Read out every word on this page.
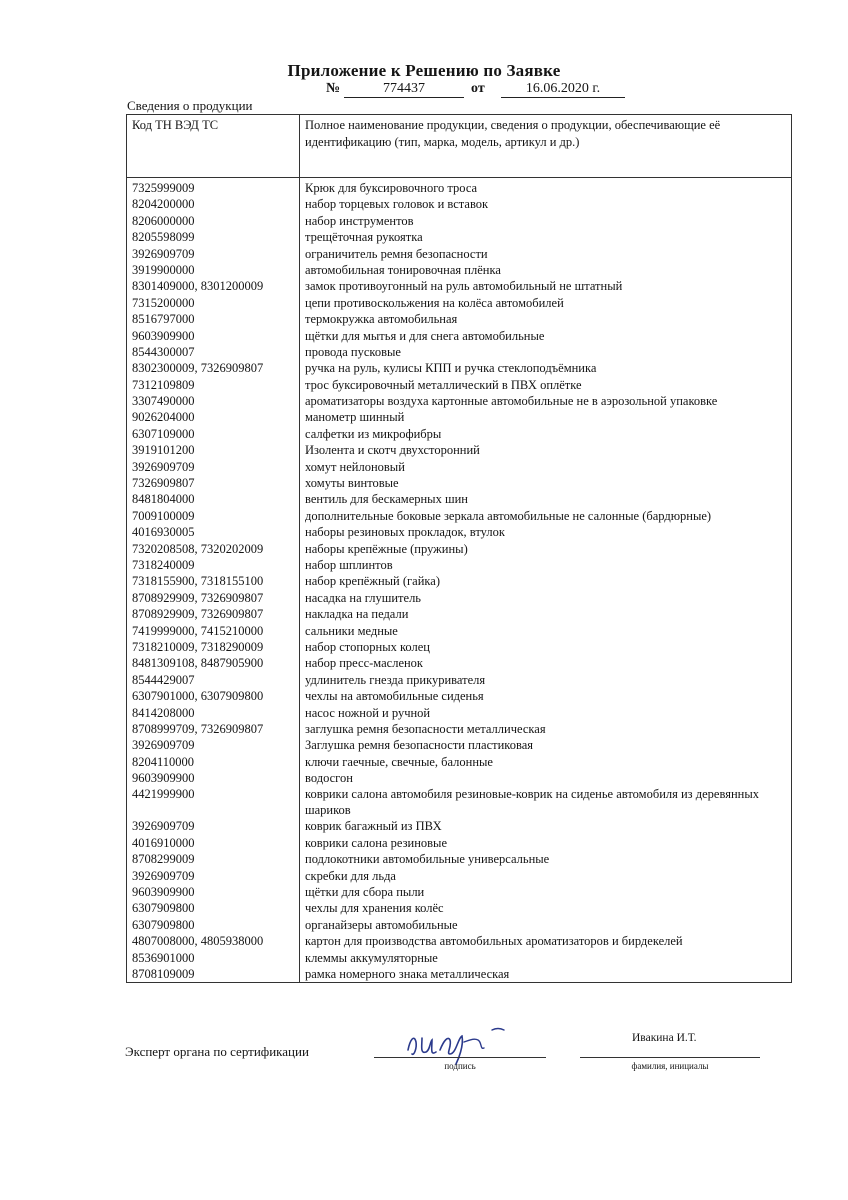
Приложение к Решению по Заявке
№	774437	от	16.06.2020 г.
Сведения о продукции
Код ТН ВЭД ТС	Полное наименование продукции, сведения о продукции, обеспечивающие её идентификацию (тип, марка, модель, артикул и др.)
7325999009	Крюк для буксировочного троса
8204200000	набор торцевых головок и вставок
8206000000	набор инструментов
8205598099	трещёточная рукоятка
3926909709	ограничитель ремня безопасности
3919900000	автомобильная тонировочная плёнка
8301409000, 8301200009	замок противоугонный на руль автомобильный не штатный
7315200000	цепи противоскольжения на колёса автомобилей
8516797000	термокружка автомобильная
9603909900	щётки для мытья и для снега автомобильные
8544300007	провода пусковые
8302300009, 7326909807	ручка на руль, кулисы КПП и ручка стеклоподъёмника
7312109809	трос буксировочный металлический в ПВХ оплётке
3307490000	ароматизаторы воздуха картонные автомобильные не в аэрозольной упаковке
9026204000	манометр шинный
6307109000	салфетки из микрофибры
3919101200	Изолента и скотч двухсторонний
3926909709	хомут нейлоновый
7326909807	хомуты винтовые
8481804000	вентиль для бескамерных шин
7009100009	дополнительные боковые зеркала автомобильные не салонные (бардюрные)
4016930005	наборы резиновых прокладок, втулок
7320208508, 7320202009	наборы крепёжные (пружины)
7318240009	набор шплинтов
7318155900, 7318155100	набор крепёжный (гайка)
8708929909, 7326909807	насадка на глушитель
8708929909, 7326909807	накладка на педали
7419999000, 7415210000	сальники медные
7318210009, 7318290009	набор стопорных колец
8481309108, 8487905900	набор пресс-масленок
8544429007	удлинитель гнезда прикуривателя
6307901000, 6307909800	чехлы на автомобильные сиденья
8414208000	насос ножной и ручной
8708999709, 7326909807	заглушка ремня безопасности металлическая
3926909709	Заглушка ремня безопасности пластиковая
8204110000	ключи гаечные, свечные, балонные
9603909900	водосгон
4421999900	коврики салона автомобиля резиновые-коврик на сиденье автомобиля из деревянных шариков
3926909709	коврик багажный из ПВХ
4016910000	коврики салона резиновые
8708299009	подлокотники автомобильные универсальные
3926909709	скребки для льда
9603909900	щётки для сбора пыли
6307909800	чехлы для хранения колёс
6307909800	органайзеры автомобильные
4807008000, 4805938000	картон для производства автомобильных ароматизаторов и бирдекелей
8536901000	клеммы аккумуляторные
8708109009	рамка номерного знака металлическая
Эксперт органа по сертификации
подпись
Ивакина И.Т.
фамилия, инициалы
